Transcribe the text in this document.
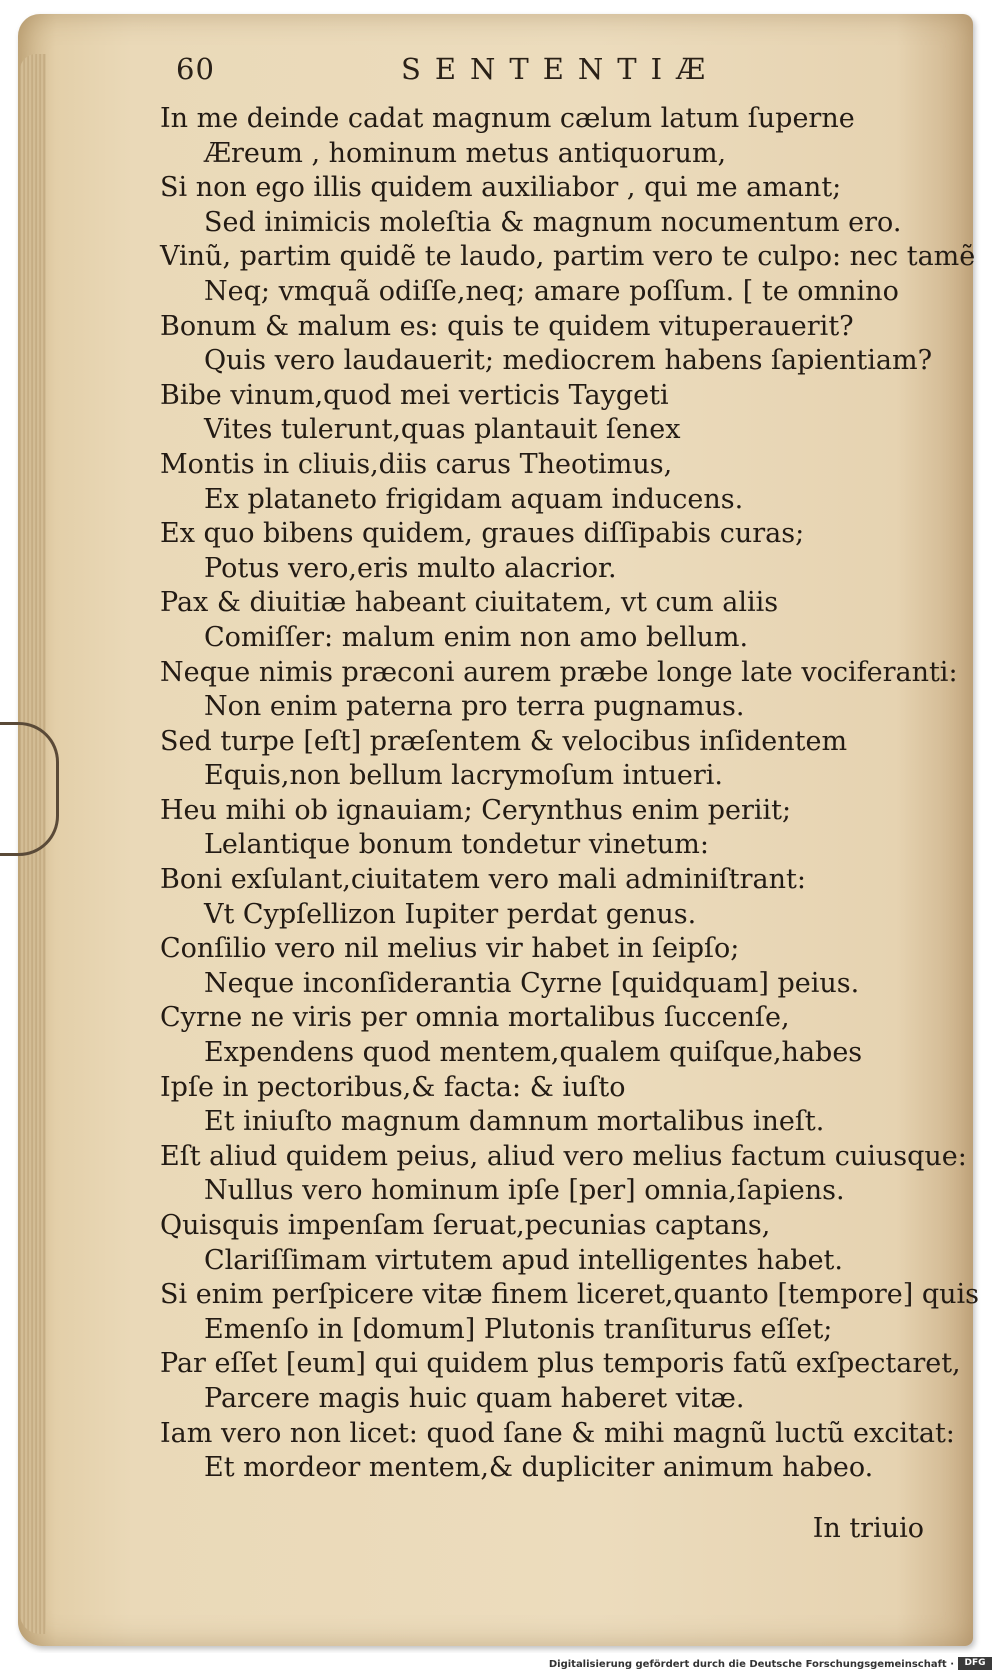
60	SENTENTIÆ
In me deinde cadat magnum cælum latum ſuperne
Æreum , hominum metus antiquorum,
Si non ego illis quidem auxiliabor , qui me amant;
Sed inimicis moleſtia & magnum nocumentum ero.
Vinũ, partim quidẽ te laudo, partim vero te culpo: nec tamẽ
Neq; vmquã odiſſe,neq; amare poſſum. [ te omnino
Bonum & malum es: quis te quidem vituperauerit?
Quis vero laudauerit; mediocrem habens ſapientiam?
Bibe vinum,quod mei verticis Taygeti
Vites tulerunt,quas plantauit ſenex
Montis in cliuis,diis carus Theotimus,
Ex plataneto frigidam aquam inducens.
Ex quo bibens quidem, graues diſſipabis curas;
Potus vero,eris multo alacrior.
Pax & diuitiæ habeant ciuitatem, vt cum aliis
Comiſſer: malum enim non amo bellum.
Neque nimis præconi aurem præbe longe late vociferanti:
Non enim paterna pro terra pugnamus.
Sed turpe [eſt] præſentem & velocibus inſidentem
Equis,non bellum lacrymoſum intueri.
Heu mihi ob ignauiam; Cerynthus enim periit;
Lelantique bonum tondetur vinetum:
Boni exſulant,ciuitatem vero mali adminiſtrant:
Vt Cypſellizon Iupiter perdat genus.
Conſilio vero nil melius vir habet in ſeipſo;
Neque inconſiderantia Cyrne [quidquam] peius.
Cyrne ne viris per omnia mortalibus ſuccenſe,
Expendens quod mentem,qualem quiſque,habes
Ipſe in pectoribus,& facta: & iuſto
Et iniuſto magnum damnum mortalibus ineſt.
Eſt aliud quidem peius, aliud vero melius factum cuiusque:
Nullus vero hominum ipſe [per] omnia,ſapiens.
Quisquis impenſam ſeruat,pecunias captans,
Clariſſimam virtutem apud intelligentes habet.
Si enim perſpicere vitæ finem liceret,quanto [tempore] quis
Emenſo in [domum] Plutonis tranſiturus eſſet;
Par eſſet [eum] qui quidem plus temporis fatũ exſpectaret,
Parcere magis huic quam haberet vitæ.
Iam vero non licet: quod ſane & mihi magnũ luctũ excitat:
Et mordeor mentem,& dupliciter animum habeo.
In triuio
Digitalisierung gefördert durch die Deutsche Forschungsgemeinschaft ·	DFG
